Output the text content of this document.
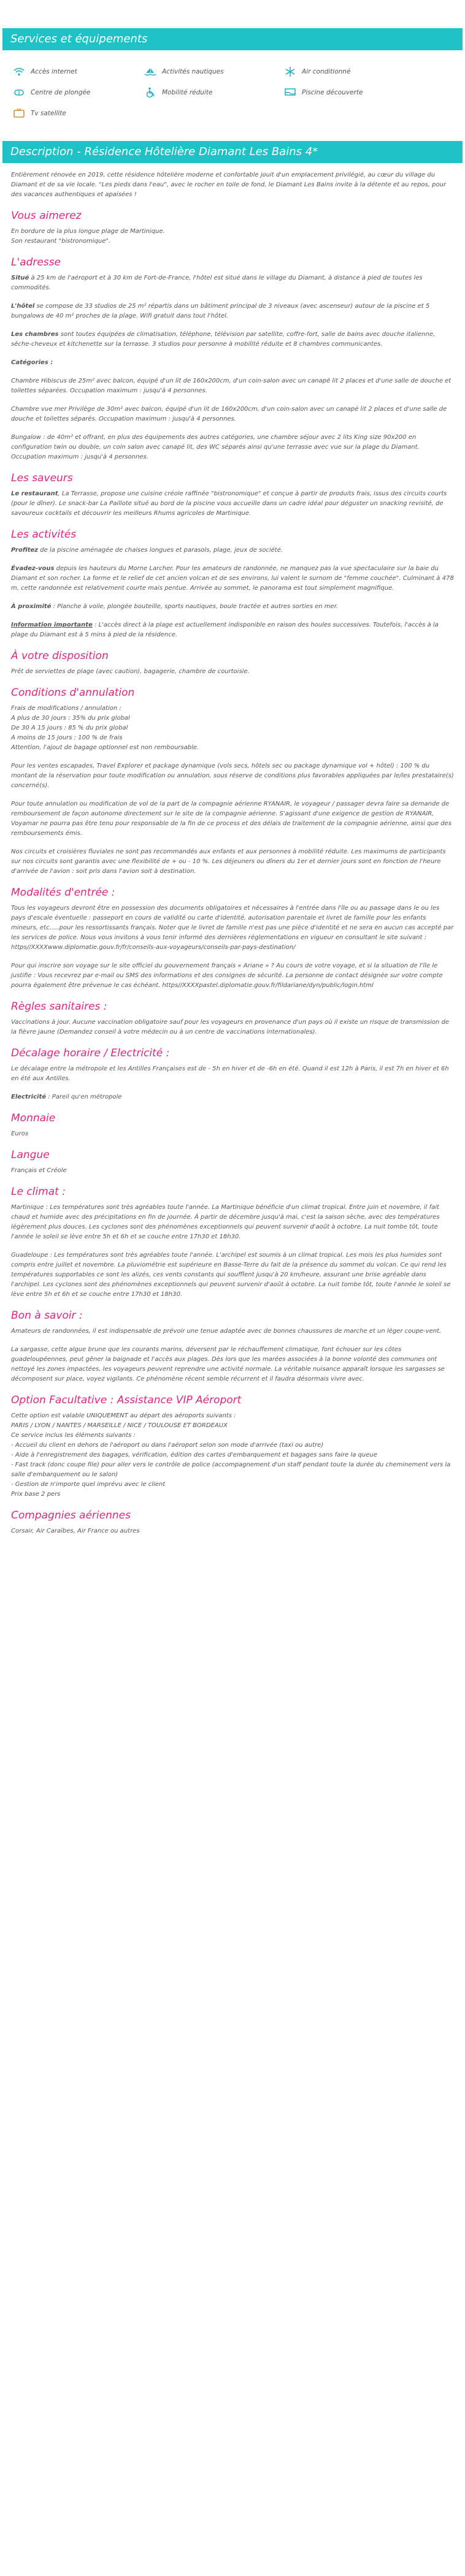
Services et équipements
Accès internet	Activités nautiques	Air conditionné
Centre de plongée	Mobilité réduite	Piscine découverte
Tv satellite
Description - Résidence Hôtelière Diamant Les Bains 4*

Entièrement rénovée en 2019, cette résidence hôtelière moderne et confortable jouit d'un emplacement privilégié, au cœur du village du Diamant et de sa vie locale. "Les pieds dans l'eau", avec le rocher en toile de fond, le Diamant Les Bains invite à la détente et au repos, pour des vacances authentiques et apaisées !

Vous aimerez

En bordure de la plus longue plage de Martinique.
Son restaurant "bistronomique".

L'adresse

Situé à 25 km de l'aéroport et à 30 km de Fort-de-France, l'hôtel est situé dans le village du Diamant, à distance à pied de toutes les commodités.

L'hôtel se compose de 33 studios de 25 m² répartis dans un bâtiment principal de 3 niveaux (avec ascenseur) autour de la piscine et 5 bungalows de 40 m² proches de la plage. Wifi gratuit dans tout l'hôtel.

Les chambres sont toutes équipées de climatisation, téléphone, télévision par satellite, coffre-fort, salle de bains avec douche italienne, sèche-cheveux et kitchenette sur la terrasse. 3 studios pour personne à mobilité réduite et 8 chambres communicantes.

Catégories :

Chambre Hibiscus de 25m² avec balcon, équipé d'un lit de 160x200cm, d'un coin-salon avec un canapé lit 2 places et d'une salle de douche et toilettes séparées. Occupation maximum : jusqu'à 4 personnes.

Chambre vue mer Privilège de 30m² avec balcon, équipé d'un lit de 160x200cm, d'un coin-salon avec un canapé lit 2 places et d'une salle de douche et toilettes séparés. Occupation maximum : jusqu'à 4 personnes.

Bungalow : de 40m² et offrant, en plus des équipements des autres catégories, une chambre séjour avec 2 lits King size 90x200 en configuration twin ou double, un coin salon avec canapé lit, des WC séparés ainsi qu'une terrasse avec vue sur la plage du Diamant. Occupation maximum : jusqu'à 4 personnes.

Les saveurs

Le restaurant, La Terrasse, propose une cuisine créole raffinée "bistronomique" et conçue à partir de produits frais, issus des circuits courts (pour le dîner). Le snack-bar La Paillote situé au bord de la piscine vous accueille dans un cadre idéal pour déguster un snacking revisité, de savoureux cocktails et découvrir les meilleurs Rhums agricoles de Martinique.

Les activités

Profitez de la piscine aménagée de chaises longues et parasols, plage, jeux de société.

Évadez-vous depuis les hauteurs du Morne Larcher. Pour les amateurs de randonnée, ne manquez pas la vue spectaculaire sur la baie du Diamant et son rocher. La forme et le relief de cet ancien volcan et de ses environs, lui valent le surnom de "femme couchée". Culminant à 478 m, cette randonnée est relativement courte mais pentue. Arrivée au sommet, le panorama est tout simplement magnifique.

À proximité : Planche à voile, plongée bouteille, sports nautiques, boule tractée et autres sorties en mer.

Information importante : L'accès direct à la plage est actuellement indisponible en raison des houles successives. Toutefois, l'accès à la plage du Diamant est à 5 mins à pied de la résidence.

À votre disposition

Prêt de serviettes de plage (avec caution), bagagerie, chambre de courtoisie.

Conditions d'annulation

Frais de modifications / annulation :
A plus de 30 jours : 35% du prix global
De 30 A 15 jours : 85 % du prix global
A moins de 15 jours : 100 % de frais
Attention, l'ajout de bagage optionnel est non remboursable.

Pour les ventes escapades, Travel Explorer et package dynamique (vols secs, hôtels sec ou package dynamique vol + hôtel) : 100 % du montant de la réservation pour toute modification ou annulation, sous réserve de conditions plus favorables appliquées par le/les prestataire(s) concerné(s).

Pour toute annulation ou modification de vol de la part de la compagnie aérienne RYANAIR, le voyageur / passager devra faire sa demande de remboursement de façon autonome directement sur le site de la compagnie aérienne. S'agissant d'une exigence de gestion de RYANAIR, Voyamar ne pourra pas être tenu pour responsable de la fin de ce process et des délais de traitement de la compagnie aérienne, ainsi que des remboursements émis.

Nos circuits et croisières fluviales ne sont pas recommandés aux enfants et aux personnes à mobilité réduite. Les maximums de participants sur nos circuits sont garantis avec une flexibilité de + ou - 10 %. Les déjeuners ou dîners du 1er et dernier jours sont en fonction de l'heure d'arrivée de l'avion : soit pris dans l'avion soit à destination.

Modalités d'entrée :

Tous les voyageurs devront être en possession des documents obligatoires et nécessaires à l'entrée dans l'île ou au passage dans le ou les pays d'escale éventuelle : passeport en cours de validité ou carte d'identité, autorisation parentale et livret de famille pour les enfants mineurs, etc.....pour les ressortissants français. Noter que le livret de famille n'est pas une pièce d'identité et ne sera en aucun cas accepté par les services de police. Nous vous invitons à vous tenir informé des dernières réglementations en vigueur en consultant le site suivant : https//XXXXwww.diplomatie.gouv.fr/fr/conseils-aux-voyageurs/conseils-par-pays-destination/

Pour qui inscrire son voyage sur le site officiel du gouvernement français « Ariane » ? Au cours de votre voyage, et si la situation de l'île le justifie : Vous recevrez par e-mail ou SMS des informations et des consignes de sécurité. La personne de contact désignée sur votre compte pourra également être prévenue le cas échéant. https//XXXXpastel.diplomatie.gouv.fr/fildariane/dyn/public/login.html

Règles sanitaires :

Vaccinations à jour. Aucune vaccination obligatoire sauf pour les voyageurs en provenance d'un pays où il existe un risque de transmission de la fièvre jaune (Demandez conseil à votre médecin ou à un centre de vaccinations internationales).

Décalage horaire / Electricité :

Le décalage entre la métropole et les Antilles Françaises est de - 5h en hiver et de -6h en été. Quand il est 12h à Paris, il est 7h en hiver et 6h en été aux Antilles.

Electricité : Pareil qu'en métropole

Monnaie

Euros

Langue

Français et Créole

Le climat :

Martinique : Les températures sont très agréables toute l'année. La Martinique bénéficie d'un climat tropical. Entre juin et novembre, il fait chaud et humide avec des précipitations en fin de journée. À partir de décembre jusqu'à mai, c'est la saison sèche, avec des températures légèrement plus douces. Les cyclones sont des phénomènes exceptionnels qui peuvent survenir d'août à octobre. La nuit tombe tôt, toute l'année le soleil se lève entre 5h et 6h et se couche entre 17h30 et 18h30.

Guadeloupe : Les températures sont très agréables toute l'année. L'archipel est soumis à un climat tropical. Les mois les plus humides sont compris entre juillet et novembre. La pluviométrie est supérieure en Basse-Terre du fait de la présence du sommet du volcan. Ce qui rend les températures supportables ce sont les alizés, ces vents constants qui soufflent jusqu'à 20 km/heure, assurant une brise agréable dans l'archipel. Les cyclones sont des phénomènes exceptionnels qui peuvent survenir d'août à octobre. La nuit tombe tôt, toute l'année le soleil se lève entre 5h et 6h et se couche entre 17h30 et 18h30.

Bon à savoir :

Amateurs de randonnées, il est indispensable de prévoir une tenue adaptée avec de bonnes chaussures de marche et un léger coupe-vent.

La sargasse, cette algue brune que les courants marins, déversent par le réchauffement climatique, font échouer sur les côtes guadeloupéennes, peut gêner la baignade et l'accès aux plages. Dès lors que les marées associées à la bonne volonté des communes ont nettoyé les zones impactées, les voyageurs peuvent reprendre une activité normale. La véritable nuisance apparaît lorsque les sargasses se décomposent sur place, voyez vigilants. Ce phénomène récent semble récurrent et il faudra désormais vivre avec.

Option Facultative : Assistance VIP Aéroport

Cette option est valable UNIQUEMENT au départ des aéroports suivants :
PARIS / LYON / NANTES / MARSEILLE / NICE / TOULOUSE ET BORDEAUX
Ce service inclus les éléments suivants :
- Accueil du client en dehors de l'aéroport ou dans l'aéroport selon son mode d'arrivée (taxi ou autre)
- Aide à l'enregistrement des bagages, vérification, édition des cartes d'embarquement et bagages sans faire la queue
- Fast track (donc coupe file) pour aller vers le contrôle de police (accompagnement d'un staff pendant toute la durée du cheminement vers la salle d'embarquement ou le salon)
- Gestion de n'importe quel imprévu avec le client
Prix base 2 pers

Compagnies aériennes

Corsair, Air Caraïbes, Air France ou autres
